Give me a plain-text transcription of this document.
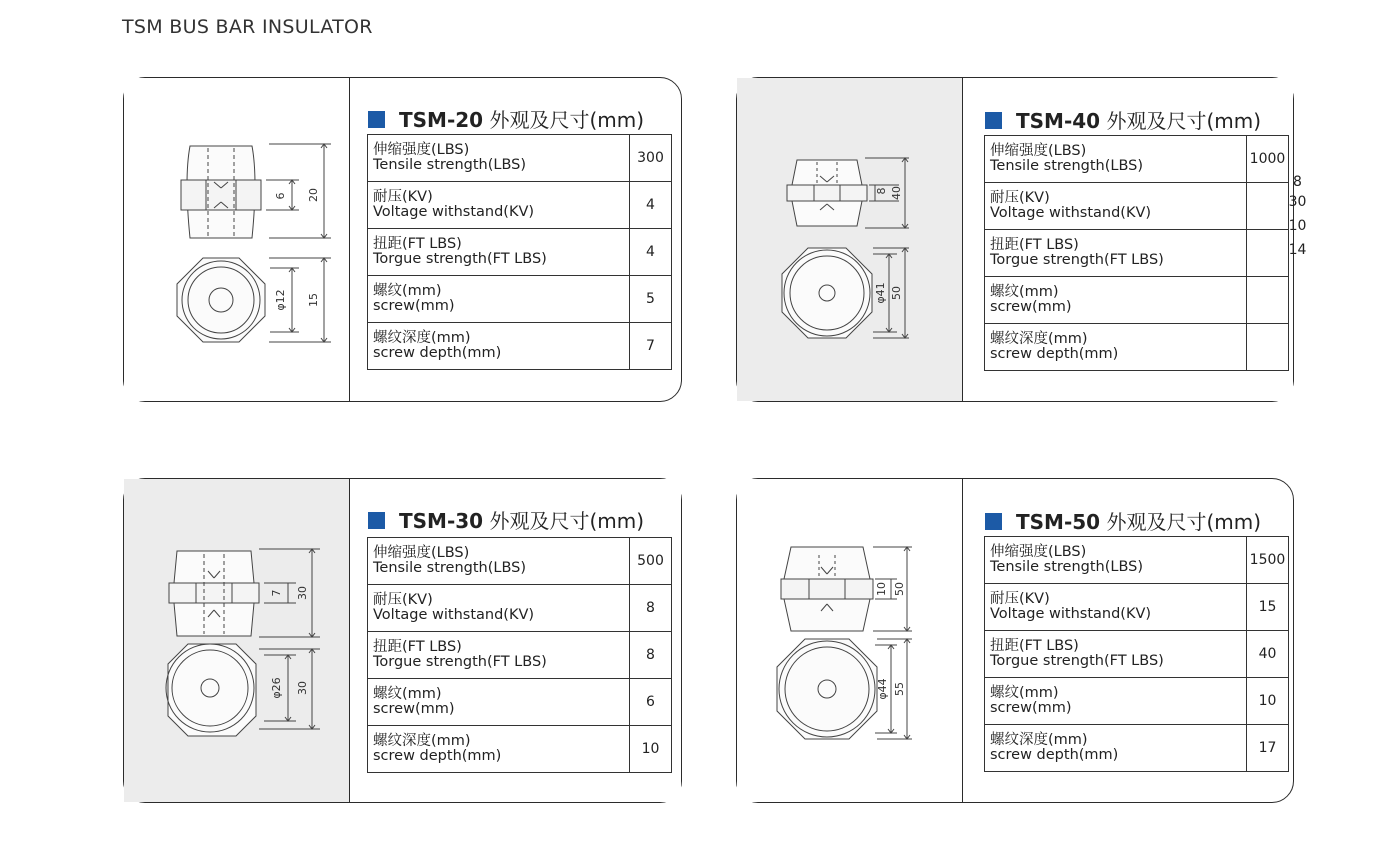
TSM BUS BAR INSULATOR
6 20
φ12 15
TSM-20 外观及尺寸(mm)
伸缩强度(LBS)
Tensile strength(LBS)	300

耐压(KV)
Voltage withstand(KV)	4

扭距(FT LBS)
Torgue strength(FT LBS)	4

螺纹(mm)
screw(mm)	5

螺纹深度(mm)
screw depth(mm)	7
8 40
φ41 50
TSM-40 外观及尺寸(mm)
伸缩强度(LBS)
Tensile strength(LBS)	1000

耐压(KV)
Voltage withstand(KV)	

扭距(FT LBS)
Torgue strength(FT LBS)	

螺纹(mm)
screw(mm)	

螺纹深度(mm)
screw depth(mm)	

8
30
10
14
7 30
φ26 30
TSM-30 外观及尺寸(mm)
伸缩强度(LBS)
Tensile strength(LBS)	500

耐压(KV)
Voltage withstand(KV)	8

扭距(FT LBS)
Torgue strength(FT LBS)	8

螺纹(mm)
screw(mm)	6

螺纹深度(mm)
screw depth(mm)	10
10 50
φ44 55
TSM-50 外观及尺寸(mm)
伸缩强度(LBS)
Tensile strength(LBS)	1500

耐压(KV)
Voltage withstand(KV)	15

扭距(FT LBS)
Torgue strength(FT LBS)	40

螺纹(mm)
screw(mm)	10

螺纹深度(mm)
screw depth(mm)	17
